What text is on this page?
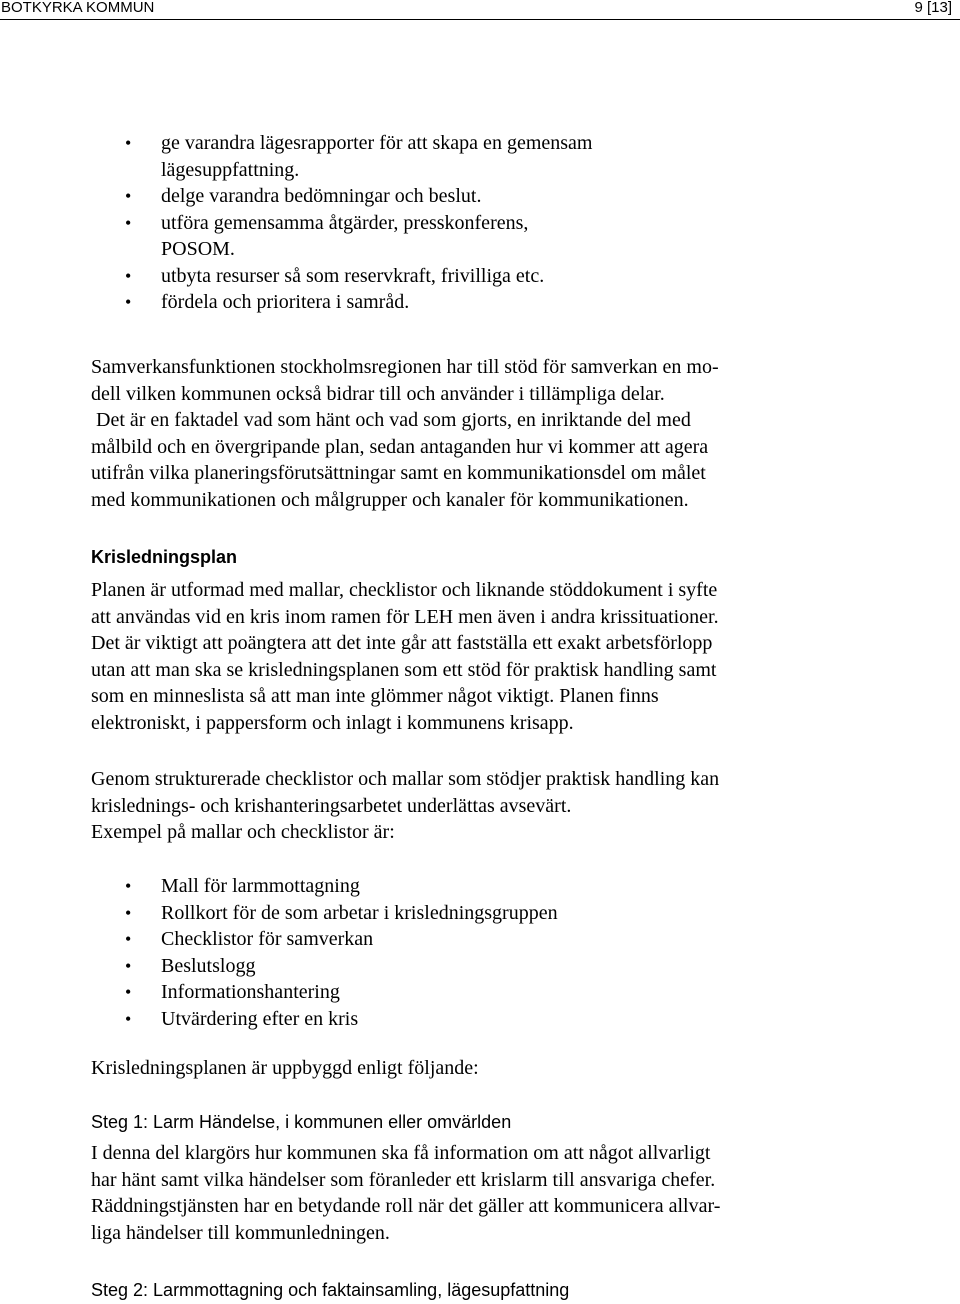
BOTKYRKA KOMMUN	9 [13]
• ge varandra lägesrapporter för att skapa en gemensam
lägesuppfattning.
• delge varandra bedömningar och beslut.
• utföra gemensamma åtgärder, presskonferens,
POSOM.
• utbyta resurser så som reservkraft, frivilliga etc.
• fördela och prioritera i samråd.

Samverkansfunktionen stockholmsregionen har till stöd för samverkan en mo-

dell vilken kommunen också bidrar till och använder i tillämpliga delar.

Det är en faktadel vad som hänt och vad som gjorts, en inriktande del med

målbild och en övergripande plan, sedan antaganden hur vi kommer att agera

utifrån vilka planeringsförutsättningar samt en kommunikationsdel om målet

med kommunikationen och målgrupper och kanaler för kommunikationen.

Krisledningsplan

Planen är utformad med mallar, checklistor och liknande stöddokument i syfte

att användas vid en kris inom ramen för LEH men även i andra krissituationer.

Det är viktigt att poängtera att det inte går att fastställa ett exakt arbetsförlopp

utan att man ska se krisledningsplanen som ett stöd för praktisk handling samt

som en minneslista så att man inte glömmer något viktigt. Planen finns

elektroniskt, i pappersform och inlagt i kommunens krisapp.

Genom strukturerade checklistor och mallar som stödjer praktisk handling kan

krislednings- och krishanteringsarbetet underlättas avsevärt.

Exempel på mallar och checklistor är:

• Mall för larmmottagning
• Rollkort för de som arbetar i krisledningsgruppen
• Checklistor för samverkan
• Beslutslogg
• Informationshantering
• Utvärdering efter en kris

Krisledningsplanen är uppbyggd enligt följande:

Steg 1: Larm Händelse, i kommunen eller omvärlden

I denna del klargörs hur kommunen ska få information om att något allvarligt

har hänt samt vilka händelser som föranleder ett krislarm till ansvariga chefer.

Räddningstjänsten har en betydande roll när det gäller att kommunicera allvar-

liga händelser till kommunledningen.

Steg 2: Larmmottagning och faktainsamling, lägesupfattning
